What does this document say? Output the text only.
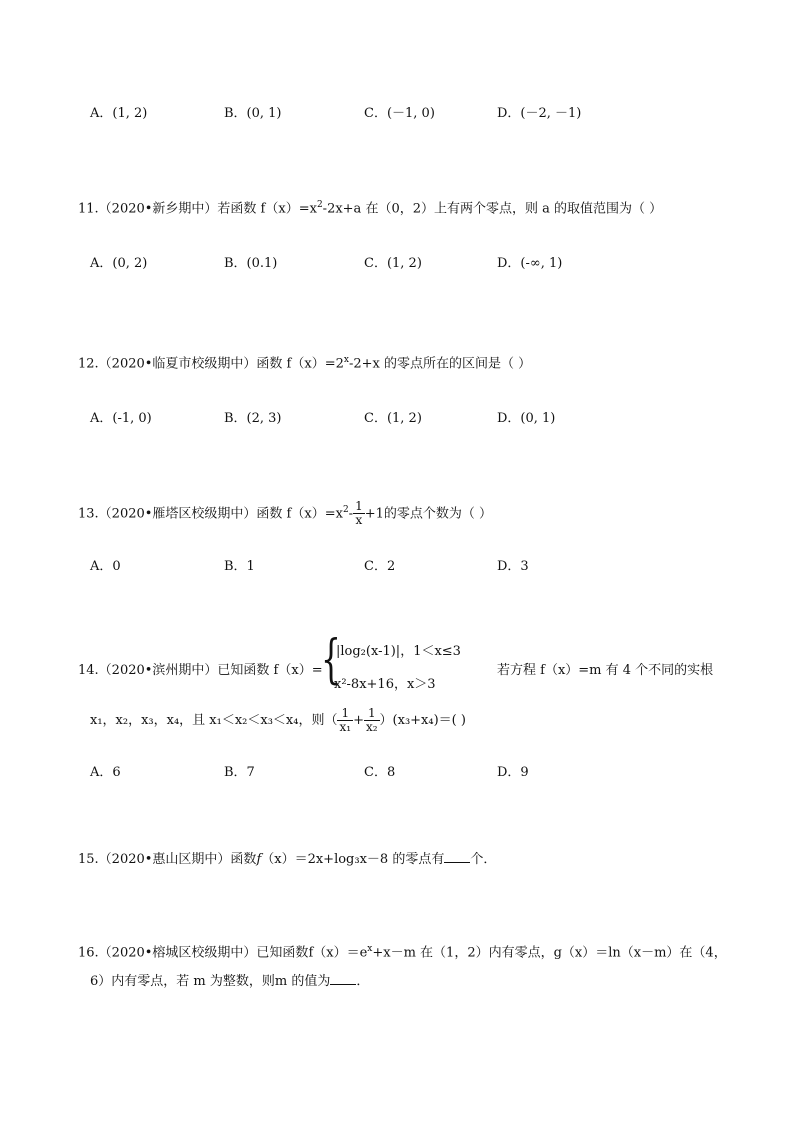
A．(1, 2)	B．(0, 1)	C．(－1, 0)	D．(－2, －1)
11.（2020•新乡期中）若函数 $f(x)=x^2-2x+a$ 在（0，2）上有两个零点，则 a 的取值范围为（ ）
A．(0, 2)	B．(0.1)	C．(1, 2)	D．(-∞, 1)
12.（2020•临夏市校级期中）函数 $f(x)=2^x-2+x$ 的零点所在的区间是（ ）
A．(-1, 0)	B．(2, 3)	C．(1, 2)	D．(0, 1)
13.（2020•雁塔区校级期中）函数 $f(x)=x^2- \frac{1}{x} +1$的零点个数为（ ）
A．0	B．1	C．2	D．3
14.（2020•滨州期中）已知函数 f（x）=
{
|log₂(x-1)|，1＜x≤3
x²-8x+16，x＞3
若方程 f（x）=m 有 4 个不同的实根
x₁，x₂，x₃，x₄，且 x₁＜x₂＜x₃＜x₄，则（ $\frac{1}{\text{x₁}} + \frac{1}{\text{x₂}} )(x_3+x_4)=$( )
A．6	B．7	C．8	D．9
15.（2020•惠山区期中）函数f（x）＝2x+log₃x－8 的零点有 个．
16.（2020•榕城区校级期中）已知函数$f(x)=e^x+x-m$ 在（1，2）内有零点，g（x）＝ln（x－m）在（4，
6）内有零点，若 m 为整数，则m 的值为 ．
